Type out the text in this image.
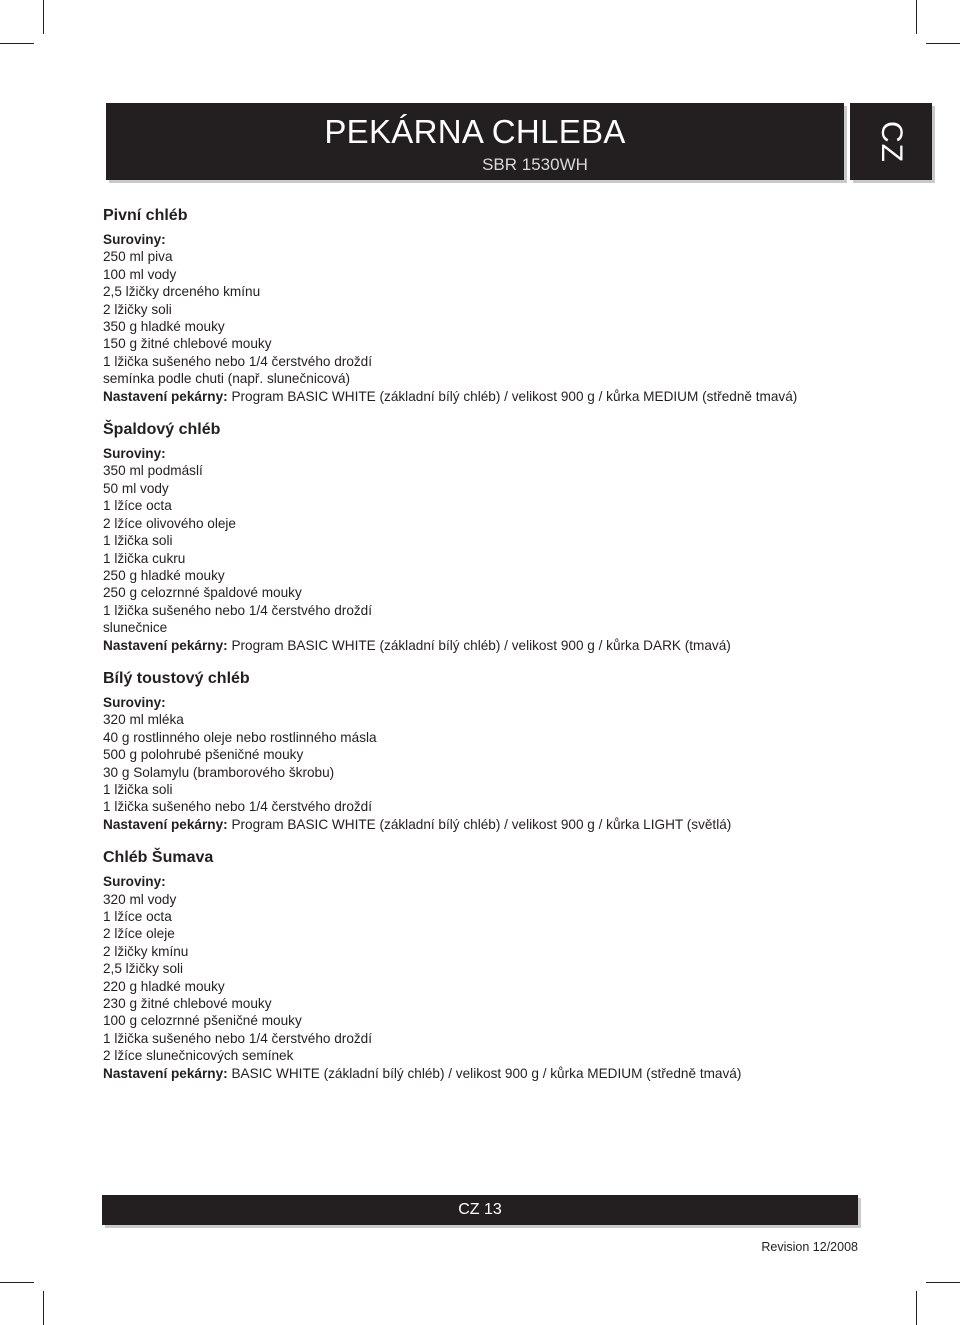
PEKÁRNA CHLEBA
SBR 1530WH
CZ
Pivní chléb
Suroviny:
250 ml piva
100 ml vody
2,5 lžičky drceného kmínu
2 lžičky soli
350 g hladké mouky
150 g žitné chlebové mouky
1 lžička sušeného nebo 1/4 čerstvého droždí
semínka podle chuti (např. slunečnicová)
Nastavení pekárny: Program BASIC WHITE (základní bílý chléb) / velikost 900 g / kůrka MEDIUM (středně tmavá)
Špaldový chléb
Suroviny:
350 ml podmáslí
50 ml vody
1 lžíce octa
2 lžíce olivového oleje
1 lžička soli
1 lžička cukru
250 g hladké mouky
250 g celozrnné špaldové mouky
1 lžička sušeného nebo 1/4 čerstvého droždí
slunečnice
Nastavení pekárny: Program BASIC WHITE (základní bílý chléb) / velikost 900 g / kůrka DARK (tmavá)
Bílý toustový chléb
Suroviny:
320 ml mléka
40 g rostlinného oleje nebo rostlinného másla
500 g polohrubé pšeničné mouky
30 g Solamylu (bramborového škrobu)
1 lžička soli
1 lžička sušeného nebo 1/4 čerstvého droždí
Nastavení pekárny: Program BASIC WHITE (základní bílý chléb) / velikost 900 g / kůrka LIGHT (světlá)
Chléb Šumava
Suroviny:
320 ml vody
1 lžíce octa
2 lžíce oleje
2 lžičky kmínu
2,5 lžičky soli
220 g hladké mouky
230 g žitné chlebové mouky
100 g celozrnné pšeničné mouky
1 lžička sušeného nebo 1/4 čerstvého droždí
2 lžíce slunečnicových semínek
Nastavení pekárny: BASIC WHITE (základní bílý chléb) / velikost 900 g / kůrka MEDIUM (středně tmavá)
CZ 13
Revision 12/2008
